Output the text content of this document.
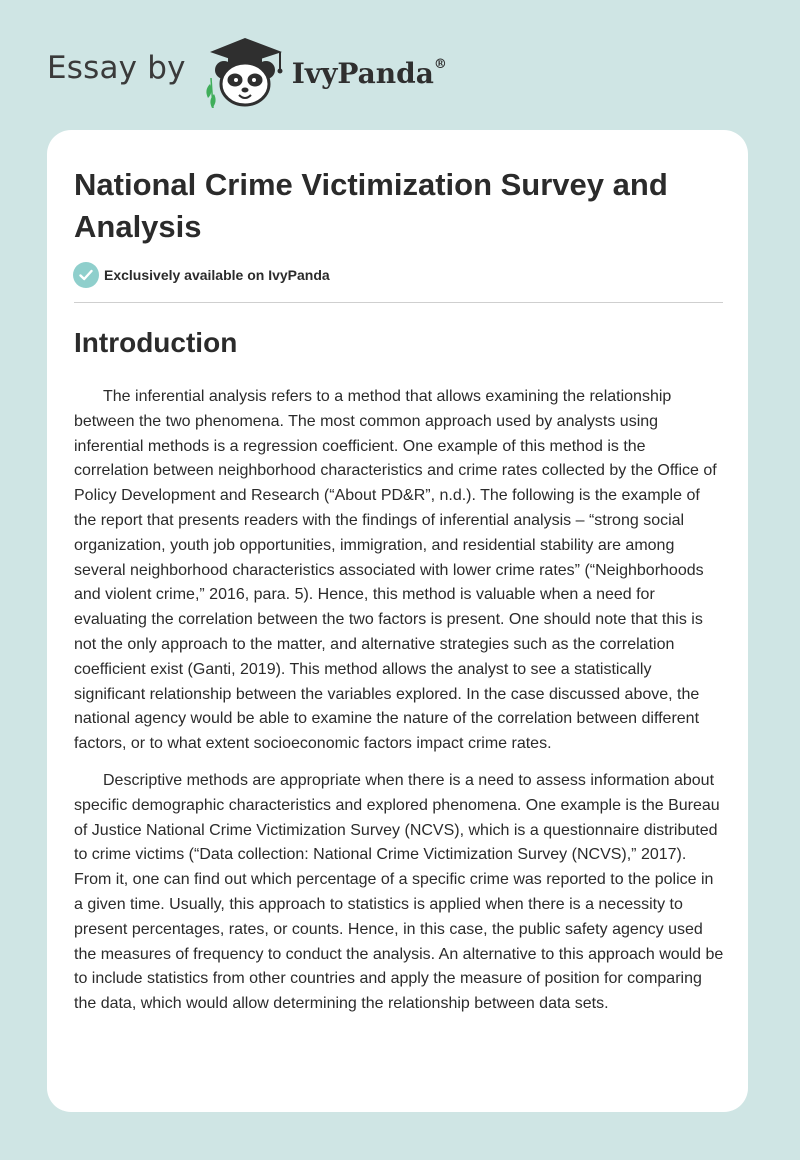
Essay by	IvyPanda®
National Crime Victimization Survey and Analysis
Exclusively available on IvyPanda
Introduction

The inferential analysis refers to a method that allows examining the relationship between the two phenomena. The most common approach used by analysts using inferential methods is a regression coefficient. One example of this method is the correlation between neighborhood characteristics and crime rates collected by the Office of Policy Development and Research (“About PD&R”, n.d.). The following is the example of the report that presents readers with the findings of inferential analysis – “strong social organization, youth job opportunities, immigration, and residential stability are among several neighborhood characteristics associated with lower crime rates” (“Neighborhoods and violent crime,” 2016, para. 5). Hence, this method is valuable when a need for evaluating the correlation between the two factors is present. One should note that this is not the only approach to the matter, and alternative strategies such as the correlation coefficient exist (Ganti, 2019). This method allows the analyst to see a statistically significant relationship between the variables explored. In the case discussed above, the national agency would be able to examine the nature of the correlation between different factors, or to what extent socioeconomic factors impact crime rates.

Descriptive methods are appropriate when there is a need to assess information about specific demographic characteristics and explored phenomena. One example is the Bureau of Justice National Crime Victimization Survey (NCVS), which is a questionnaire distributed to crime victims (“Data collection: National Crime Victimization Survey (NCVS),” 2017). From it, one can find out which percentage of a specific crime was reported to the police in a given time. Usually, this approach to statistics is applied when there is a necessity to present percentages, rates, or counts. Hence, in this case, the public safety agency used the measures of frequency to conduct the analysis. An alternative to this approach would be to include statistics from other countries and apply the measure of position for comparing the data, which would allow determining the relationship between data sets.
